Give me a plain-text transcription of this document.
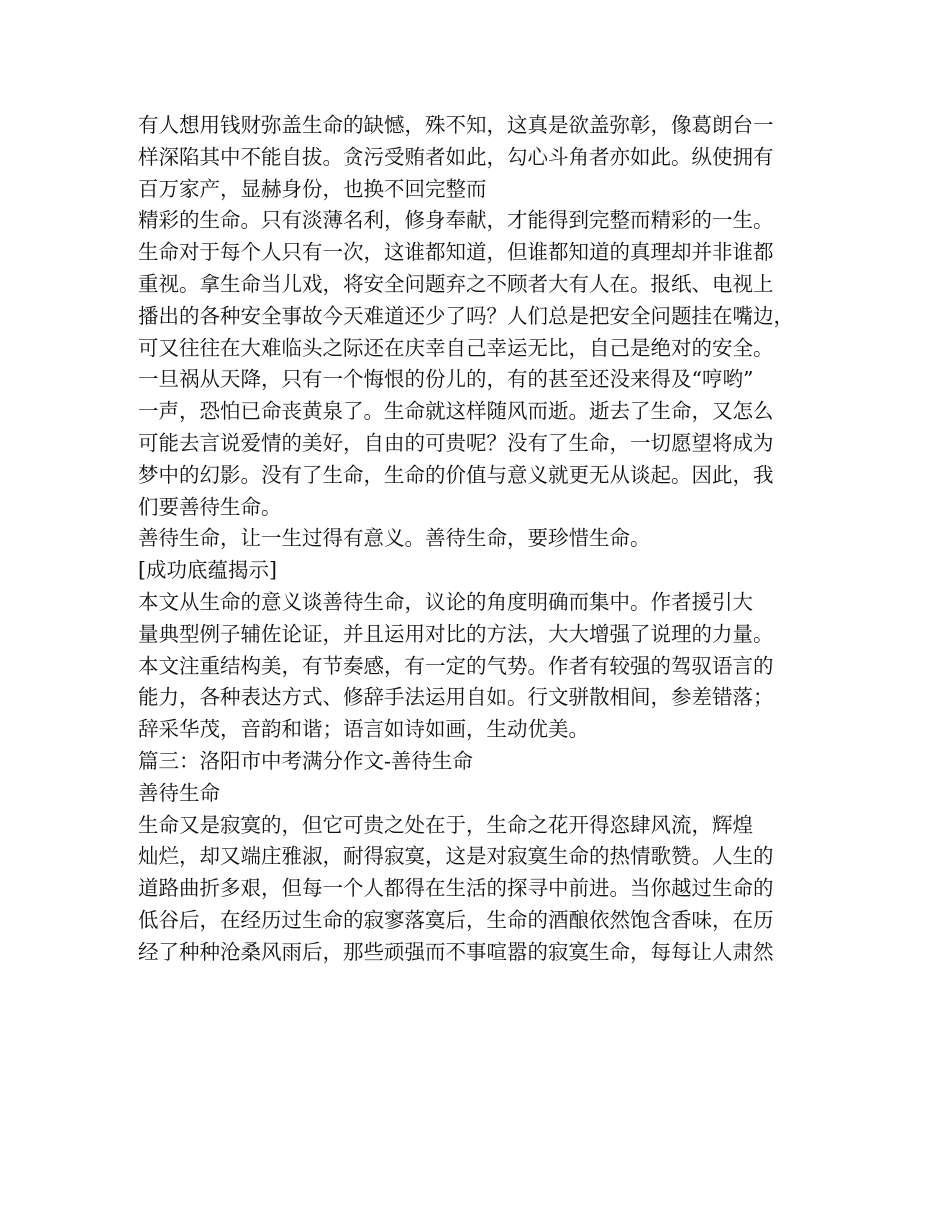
有人想用钱财弥盖生命的缺憾，殊不知，这真是欲盖弥彰，像葛朗台一
样深陷其中不能自拔。贪污受贿者如此，勾心斗角者亦如此。纵使拥有
百万家产，显赫身份，也换不回完整而
精彩的生命。只有淡薄名利，修身奉献，才能得到完整而精彩的一生。
生命对于每个人只有一次，这谁都知道，但谁都知道的真理却并非谁都
重视。拿生命当儿戏，将安全问题弃之不顾者大有人在。报纸、电视上
播出的各种安全事故今天难道还少了吗？人们总是把安全问题挂在嘴边，
可又往往在大难临头之际还在庆幸自己幸运无比，自己是绝对的安全。
一旦祸从天降，只有一个悔恨的份儿的，有的甚至还没来得及“哼哟”
一声，恐怕已命丧黄泉了。生命就这样随风而逝。逝去了生命，又怎么
可能去言说爱情的美好，自由的可贵呢？没有了生命，一切愿望将成为
梦中的幻影。没有了生命，生命的价值与意义就更无从谈起。因此，我
们要善待生命。
善待生命，让一生过得有意义。善待生命，要珍惜生命。
[成功底蕴揭示]
本文从生命的意义谈善待生命，议论的角度明确而集中。作者援引大
量典型例子辅佐论证，并且运用对比的方法，大大增强了说理的力量。
本文注重结构美，有节奏感，有一定的气势。作者有较强的驾驭语言的
能力，各种表达方式、修辞手法运用自如。行文骈散相间，参差错落；
辞采华茂，音韵和谐；语言如诗如画，生动优美。
篇三：洛阳市中考满分作文-善待生命
善待生命
生命又是寂寞的，但它可贵之处在于，生命之花开得恣肆风流，辉煌
灿烂，却又端庄雅淑，耐得寂寞，这是对寂寞生命的热情歌赞。人生的
道路曲折多艰，但每一个人都得在生活的探寻中前进。当你越过生命的
低谷后，在经历过生命的寂寥落寞后，生命的酒酿依然饱含香味，在历
经了种种沧桑风雨后，那些顽强而不事喧嚣的寂寞生命，每每让人肃然
